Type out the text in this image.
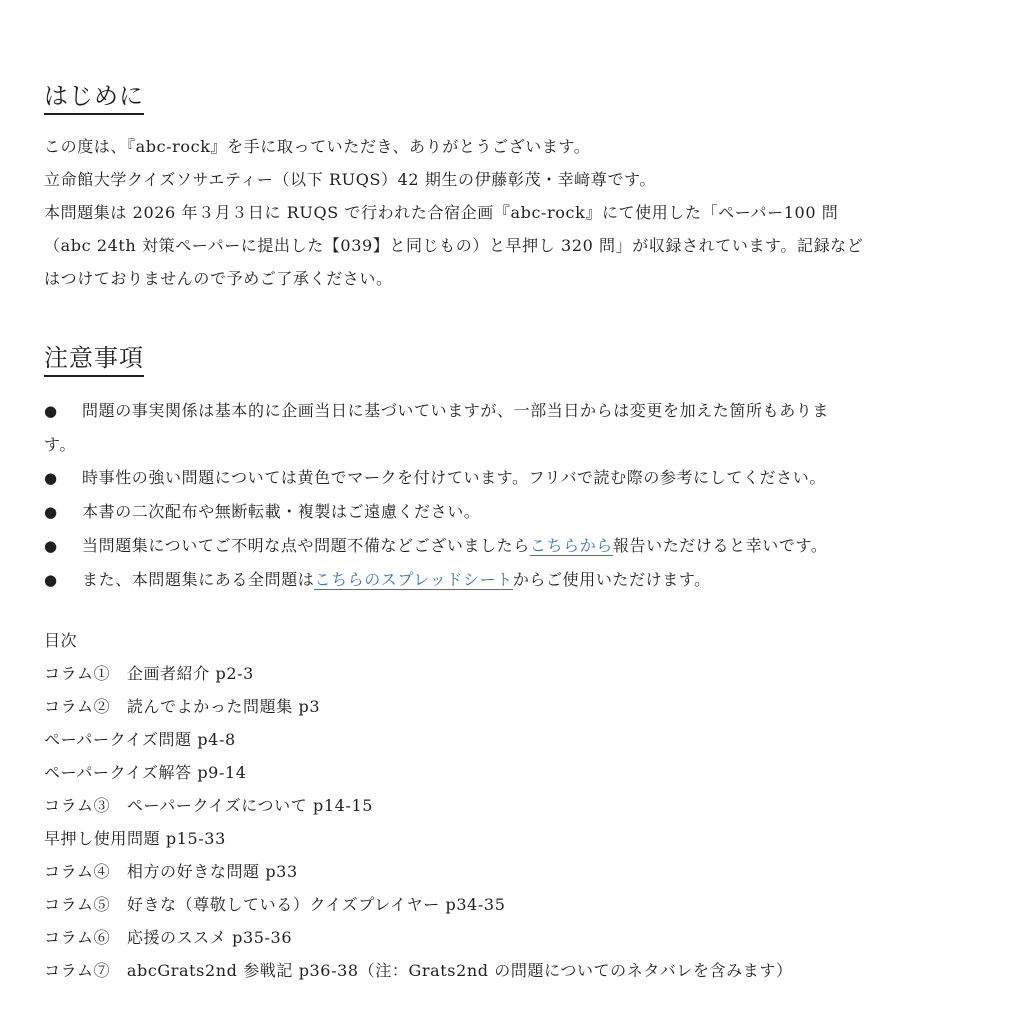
はじめに
この度は、『abc-rock』を手に取っていただき、ありがとうございます。
立命館大学クイズソサエティー（以下 RUQS）42 期生の伊藤彰茂・幸﨑尊です。
本問題集は 2026 年３月３日に RUQS で行われた合宿企画『abc-rock』にて使用した「ペーパー100 問
（abc 24th 対策ペーパーに提出した【039】と同じもの）と早押し 320 問」が収録されています。記録など
はつけておりませんので予めご了承ください。
注意事項
● 問題の事実関係は基本的に企画当日に基づいていますが、一部当日からは変更を加えた箇所もありま
す。
● 時事性の強い問題については黄色でマークを付けています。フリバで読む際の参考にしてください。
● 本書の二次配布や無断転載・複製はご遠慮ください。
● 当問題集についてご不明な点や問題不備などございましたらこちらから報告いただけると幸いです。
● また、本問題集にある全問題はこちらのスプレッドシートからご使用いただけます。
目次
コラム①　企画者紹介 p2-3
コラム②　読んでよかった問題集 p3
ペーパークイズ問題 p4-8
ペーパークイズ解答 p9-14
コラム③　ペーパークイズについて p14-15
早押し使用問題 p15-33
コラム④　相方の好きな問題 p33
コラム⑤　好きな（尊敬している）クイズプレイヤー p34-35
コラム⑥　応援のススメ p35-36
コラム⑦　abcGrats2nd 参戦記 p36-38（注：Grats2nd の問題についてのネタバレを含みます）
